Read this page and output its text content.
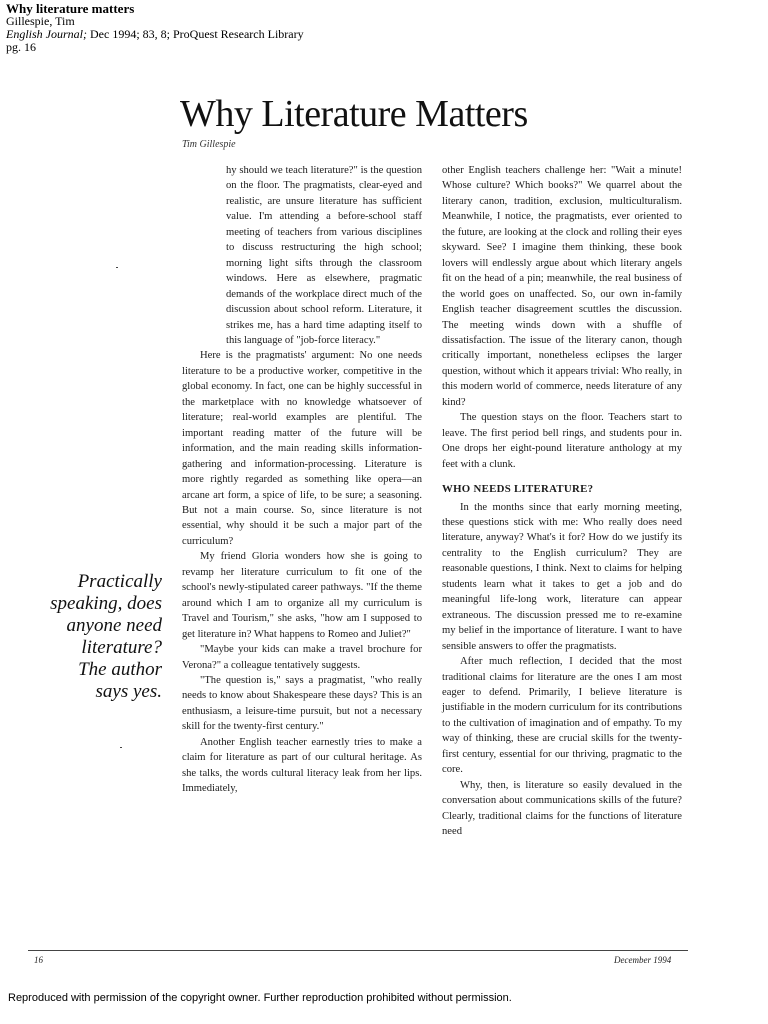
Why literature matters
Gillespie, Tim
English Journal; Dec 1994; 83, 8; ProQuest Research Library
pg. 16
Why Literature Matters
Tim Gillespie
Practically speaking, does anyone need literature? The author says yes.
W

hy should we teach literature?" is the question on the floor. The pragmatists, clear-eyed and realistic, are unsure literature has sufficient value. I'm attending a before-school staff meeting of teachers from various disciplines to discuss restructuring the high school; morning light sifts through the classroom windows. Here as elsewhere, pragmatic demands of the workplace direct much of the discussion about school reform. Literature, it strikes me, has a hard time adapting itself to this language of "job-force literacy."

Here is the pragmatists' argument: No one needs literature to be a productive worker, competitive in the global economy. In fact, one can be highly successful in the marketplace with no knowledge whatsoever of literature; real-world examples are plentiful. The important reading matter of the future will be information, and the main reading skills information-gathering and information-processing. Literature is more rightly regarded as something like opera—an arcane art form, a spice of life, to be sure; a seasoning. But not a main course. So, since literature is not essential, why should it be such a major part of the curriculum?

My friend Gloria wonders how she is going to revamp her literature curriculum to fit one of the school's newly-stipulated career pathways. "If the theme around which I am to organize all my curriculum is Travel and Tourism," she asks, "how am I supposed to get literature in? What happens to Romeo and Juliet?"

"Maybe your kids can make a travel brochure for Verona?" a colleague tentatively suggests.

"The question is," says a pragmatist, "who really needs to know about Shakespeare these days? This is an enthusiasm, a leisure-time pursuit, but not a necessary skill for the twenty-first century."

Another English teacher earnestly tries to make a claim for literature as part of our cultural heritage. As she talks, the words cultural literacy leak from her lips. Immediately,

other English teachers challenge her: "Wait a minute! Whose culture? Which books?" We quarrel about the literary canon, tradition, exclusion, multiculturalism. Meanwhile, I notice, the pragmatists, ever oriented to the future, are looking at the clock and rolling their eyes skyward. See? I imagine them thinking, these book lovers will endlessly argue about which literary angels fit on the head of a pin; meanwhile, the real business of the world goes on unaffected. So, our own in-family English teacher disagreement scuttles the discussion. The meeting winds down with a shuffle of dissatisfaction. The issue of the literary canon, though critically important, nonetheless eclipses the larger question, without which it appears trivial: Who really, in this modern world of commerce, needs literature of any kind?

The question stays on the floor. Teachers start to leave. The first period bell rings, and students pour in. One drops her eight-pound literature anthology at my feet with a clunk.

WHO NEEDS LITERATURE?

In the months since that early morning meeting, these questions stick with me: Who really does need literature, anyway? What's it for? How do we justify its centrality to the English curriculum? They are reasonable questions, I think. Next to claims for helping students learn what it takes to get a job and do meaningful life-long work, literature can appear extraneous. The discussion pressed me to re-examine my belief in the importance of literature. I want to have sensible answers to offer the pragmatists.

After much reflection, I decided that the most traditional claims for literature are the ones I am most eager to defend. Primarily, I believe literature is justifiable in the modern curriculum for its contributions to the cultivation of imagination and of empathy. To my way of thinking, these are crucial skills for the twenty-first century, essential for our thriving, pragmatic to the core.

Why, then, is literature so easily devalued in the conversation about communications skills of the future? Clearly, traditional claims for the functions of literature need

16	December 1994
Reproduced with permission of the copyright owner. Further reproduction prohibited without permission.
